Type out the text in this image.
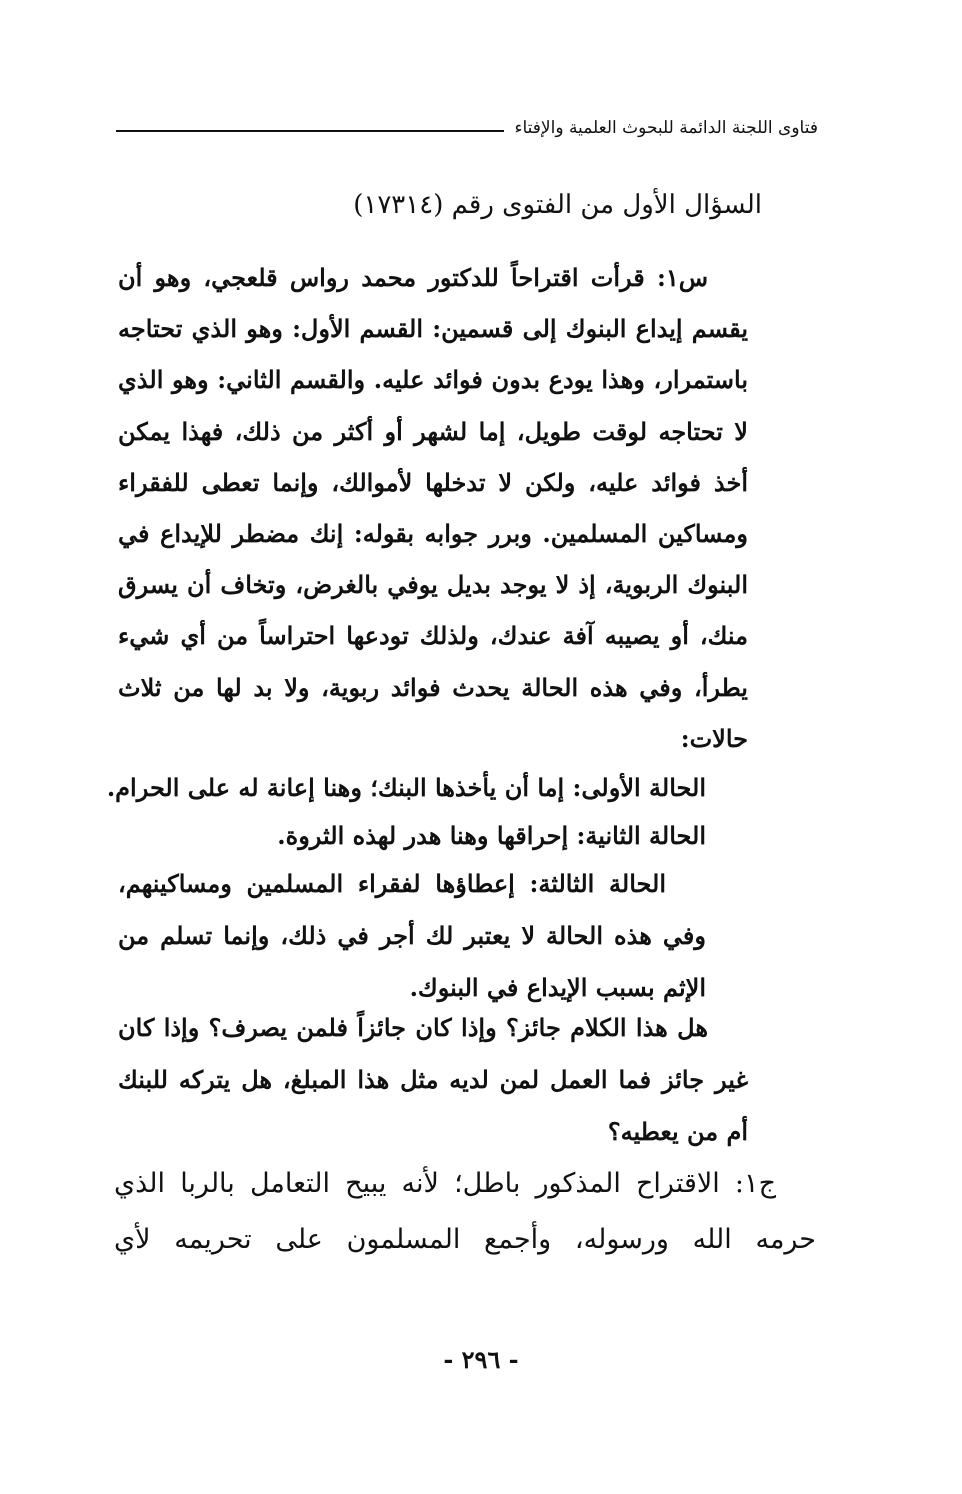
فتاوى اللجنة الدائمة للبحوث العلمية والإفتاء
السؤال الأول من الفتوى رقم (١٧٣١٤)
س١: قرأت اقتراحاً للدكتور محمد رواس قلعجي، وهو أن يقسم إيداع البنوك إلى قسمين: القسم الأول: وهو الذي تحتاجه باستمرار، وهذا يودع بدون فوائد عليه. والقسم الثاني: وهو الذي لا تحتاجه لوقت طويل، إما لشهر أو أكثر من ذلك، فهذا يمكن أخذ فوائد عليه، ولكن لا تدخلها لأموالك، وإنما تعطى للفقراء ومساكين المسلمين. وبرر جوابه بقوله: إنك مضطر للإيداع في البنوك الربوية، إذ لا يوجد بديل يوفي بالغرض، وتخاف أن يسرق منك، أو يصيبه آفة عندك، ولذلك تودعها احتراساً من أي شيء يطرأ، وفي هذه الحالة يحدث فوائد ربوية، ولا بد لها من ثلاث حالات:
الحالة الأولى: إما أن يأخذها البنك؛ وهنا إعانة له على الحرام.
الحالة الثانية: إحراقها وهنا هدر لهذه الثروة.
الحالة الثالثة: إعطاؤها لفقراء المسلمين ومساكينهم، وفي هذه الحالة لا يعتبر لك أجر في ذلك، وإنما تسلم من الإثم بسبب الإيداع في البنوك.
هل هذا الكلام جائز؟ وإذا كان جائزاً فلمن يصرف؟ وإذا كان غير جائز فما العمل لمن لديه مثل هذا المبلغ، هل يتركه للبنك أم من يعطيه؟
ج١: الاقتراح المذكور باطل؛ لأنه يبيح التعامل بالربا الذي حرمه الله ورسوله، وأجمع المسلمون على تحريمه لأي
- ٢٩٦ -
